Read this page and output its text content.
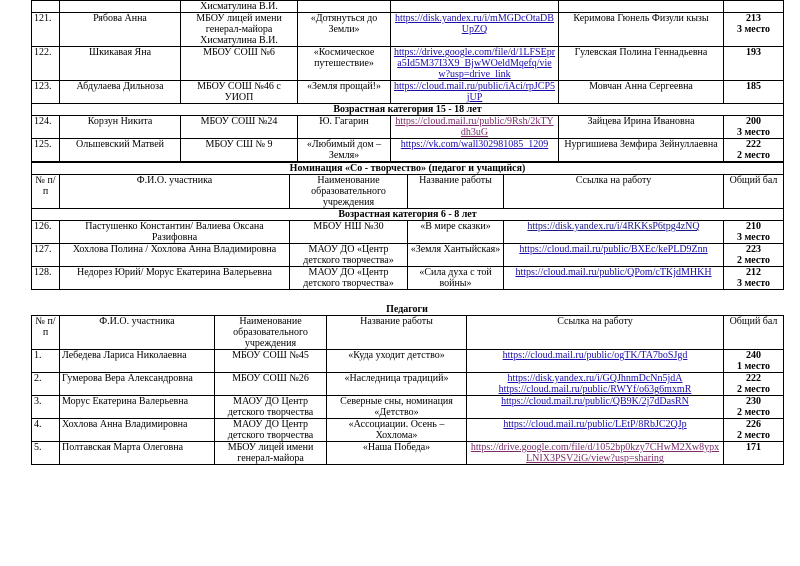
		Хисматулина В.И.				

121.	Рябова Анна	МБОУ лицей имени генерал-майора Хисматулина В.И.	«Дотянуться до Земли»	https://disk.yandex.ru/i/mMGDcOtaDBUpZQ	Керимова Гюнель Физули кызы	213
3 место

122.	Шкикавая Яна	МБОУ СОШ №6	«Космическое путешествие»	https://drive.google.com/file/d/1LFSEpra5Id5M37I3X9_BjwWOeldMqefq/view?usp=drive_link	Гулевская Полина Геннадьевна	193

123.	Абдулаева Дильноза	МБОУ СОШ №46 с УИОП	«Земля прощай!»	https://cloud.mail.ru/public/iAci/rpJCP5jUP	Мовчан Анна Сергеевна	185

Возрастная категория 15 - 18 лет						
124.	Корзун Никита	МБОУ СОШ №24	Ю. Гагарин	https://cloud.mail.ru/public/9Rsh/2kTYdh3uG	Зайцева Ирина Ивановна	200
3 место

125.	Ольшевский Матвей	МБОУ СШ № 9	«Любимый дом – Земля»	https://vk.com/wall302981085_1209	Нургишиева Земфира Зейнуллаевна	222
2 место
Номинация «Со - творчество» (педагог и учащийся)					
№ п/п	Ф.И.О. участника	Наименование образовательного учреждения	Название работы	Ссылка на работу	Общий бал
Возрастная категория 6 - 8 лет					
126.	Пастушенко Константин/ Валиева Оксана Разифовна	МБОУ НШ №30	«В мире сказки»	https://disk.yandex.ru/i/4RKKsP6tpg4zNQ	210
3 место

127.	Хохлова Полина / Хохлова Анна Владимировна	МАОУ ДО «Центр детского творчества»	«Земля Хантыйская»	https://cloud.mail.ru/public/BXEc/kePLD9Znn	223
2 место

128.	Недорез Юрий/ Морус Екатерина Валерьевна	МАОУ ДО «Центр детского творчества»	«Сила духа с той войны»	https://cloud.mail.ru/public/QPom/cTKjdMHKH	212
3 место
Педагоги
№ п/п	Ф.И.О. участника	Наименование образовательного учреждения	Название работы	Ссылка на работу	Общий бал
1.	Лебедева Лариса Николаевна	МБОУ СОШ №45	«Куда уходит детство»	https://cloud.mail.ru/public/ogTK/TA7boSJgd	240
1 место

2.	Гумерова Вера Александровна	МБОУ СОШ №26	«Наследница традиций»	https://disk.yandex.ru/i/GQJhnmDcNn5jdA
https://cloud.mail.ru/public/RWYf/o63g6mxmR	222
2 место

3.	Морус Екатерина Валерьевна	МАОУ ДО Центр детского творчества	Северные сны, номинация «Детство»	https://cloud.mail.ru/public/QB9K/2j7dDasRN	230
2 место

4.	Хохлова Анна Владимировна	МАОУ ДО Центр детского творчества	«Ассоциации. Осень – Хохлома»	https://cloud.mail.ru/public/LEtP/8RbJC2QJp	226
2 место

5.	Полтавская Марта Олеговна	МБОУ лицей имени генерал-майора	«Наша Победа»	https://drive.google.com/file/d/1052bp0kzy7CHwM2Xw8ypxLNIX3PSV2iG/view?usp=sharing	171
